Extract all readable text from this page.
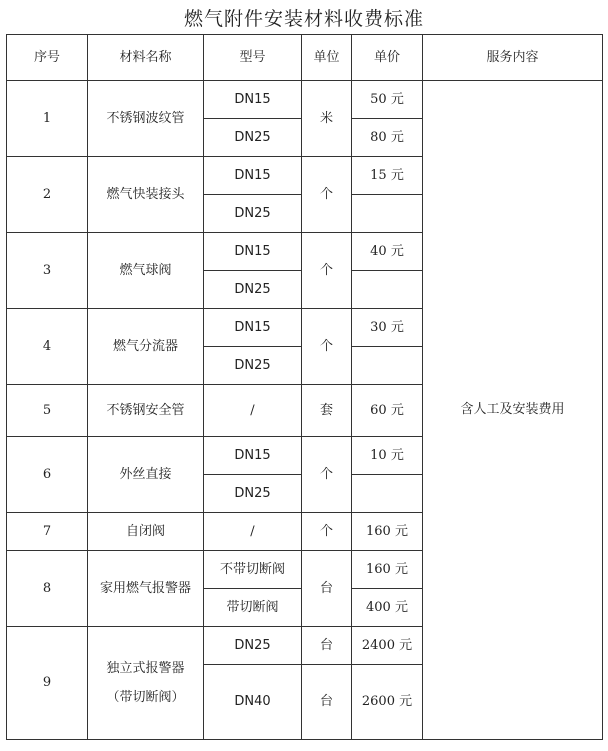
燃气附件安装材料收费标准
序号	材料名称	型号	单位	单价	服务内容
1	不锈钢波纹管	DN15	米	50 元	含人工及安装费用
		DN25		80 元	
2	燃气快装接头	DN15	个	15 元	
		DN25			
3	燃气球阀	DN15	个	40 元	
		DN25			
4	燃气分流器	DN15	个	30 元	
		DN25			
5	不锈钢安全管	/	套	60 元	
6	外丝直接	DN15	个	10 元	
		DN25			
7	自闭阀	/	个	160 元	
8	家用燃气报警器	不带切断阀	台	160 元	
		带切断阀		400 元	
9	独立式报警器（带切断阀）	DN25	台	2400 元	
		DN40	台	2600 元	
